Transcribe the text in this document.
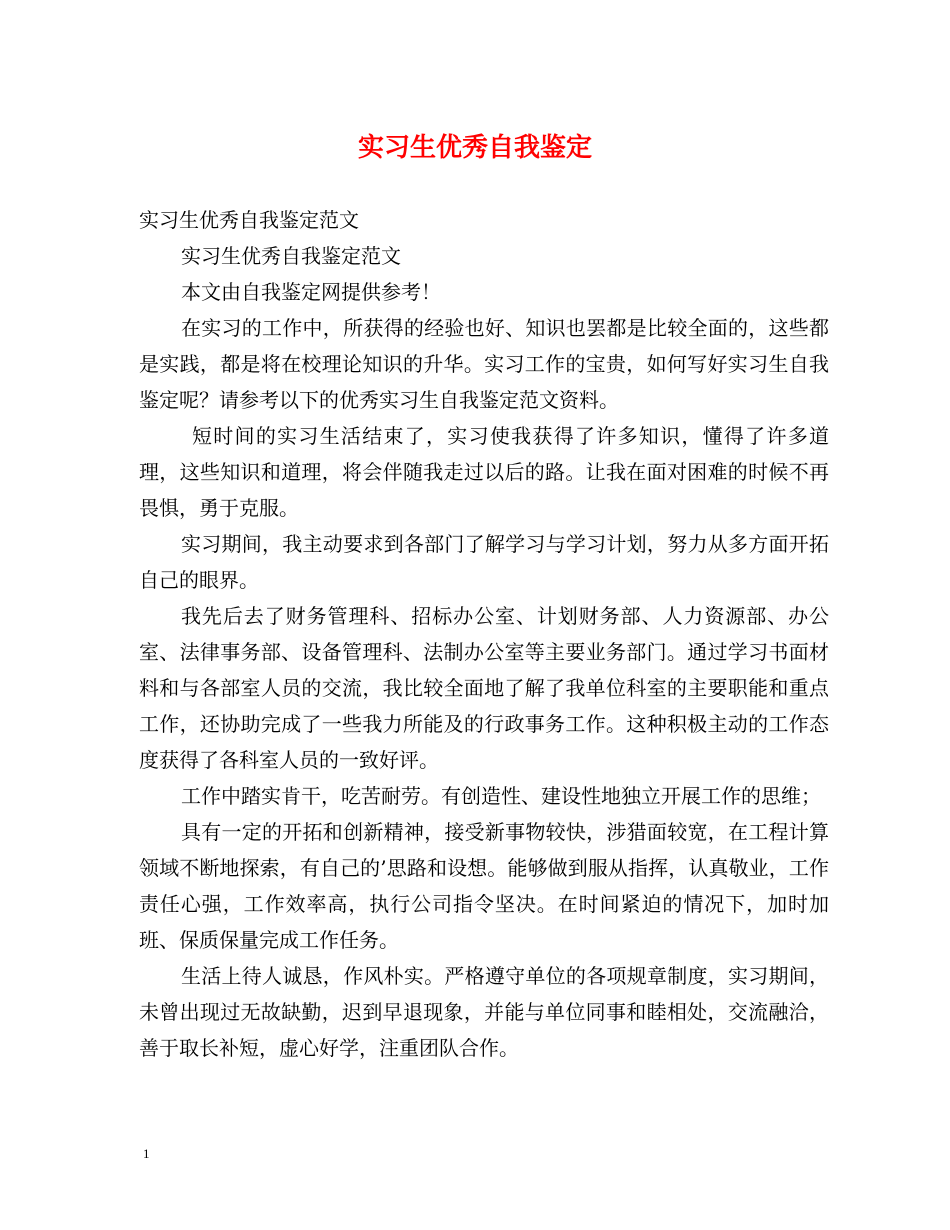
实习生优秀自我鉴定

实习生优秀自我鉴定范文

实习生优秀自我鉴定范文

本文由自我鉴定网提供参考！

在实习的工作中，所获得的经验也好、知识也罢都是比较全面的，这些都是实践，都是将在校理论知识的升华。实习工作的宝贵，如何写好实习生自我鉴定呢？请参考以下的优秀实习生自我鉴定范文资料。

短时间的实习生活结束了，实习使我获得了许多知识，懂得了许多道理，这些知识和道理，将会伴随我走过以后的路。让我在面对困难的时候不再畏惧，勇于克服。

实习期间，我主动要求到各部门了解学习与学习计划，努力从多方面开拓自己的眼界。

我先后去了财务管理科、招标办公室、计划财务部、人力资源部、办公室、法律事务部、设备管理科、法制办公室等主要业务部门。通过学习书面材料和与各部室人员的交流，我比较全面地了解了我单位科室的主要职能和重点工作，还协助完成了一些我力所能及的行政事务工作。这种积极主动的工作态度获得了各科室人员的一致好评。

工作中踏实肯干，吃苦耐劳。有创造性、建设性地独立开展工作的思维；

具有一定的开拓和创新精神，接受新事物较快，涉猎面较宽，在工程计算领域不断地探索，有自己的’思路和设想。能够做到服从指挥，认真敬业，工作责任心强，工作效率高，执行公司指令坚决。在时间紧迫的情况下，加时加班、保质保量完成工作任务。

生活上待人诚恳，作风朴实。严格遵守单位的各项规章制度，实习期间，未曾出现过无故缺勤，迟到早退现象，并能与单位同事和睦相处，交流融洽，善于取长补短，虚心好学，注重团队合作。

1
